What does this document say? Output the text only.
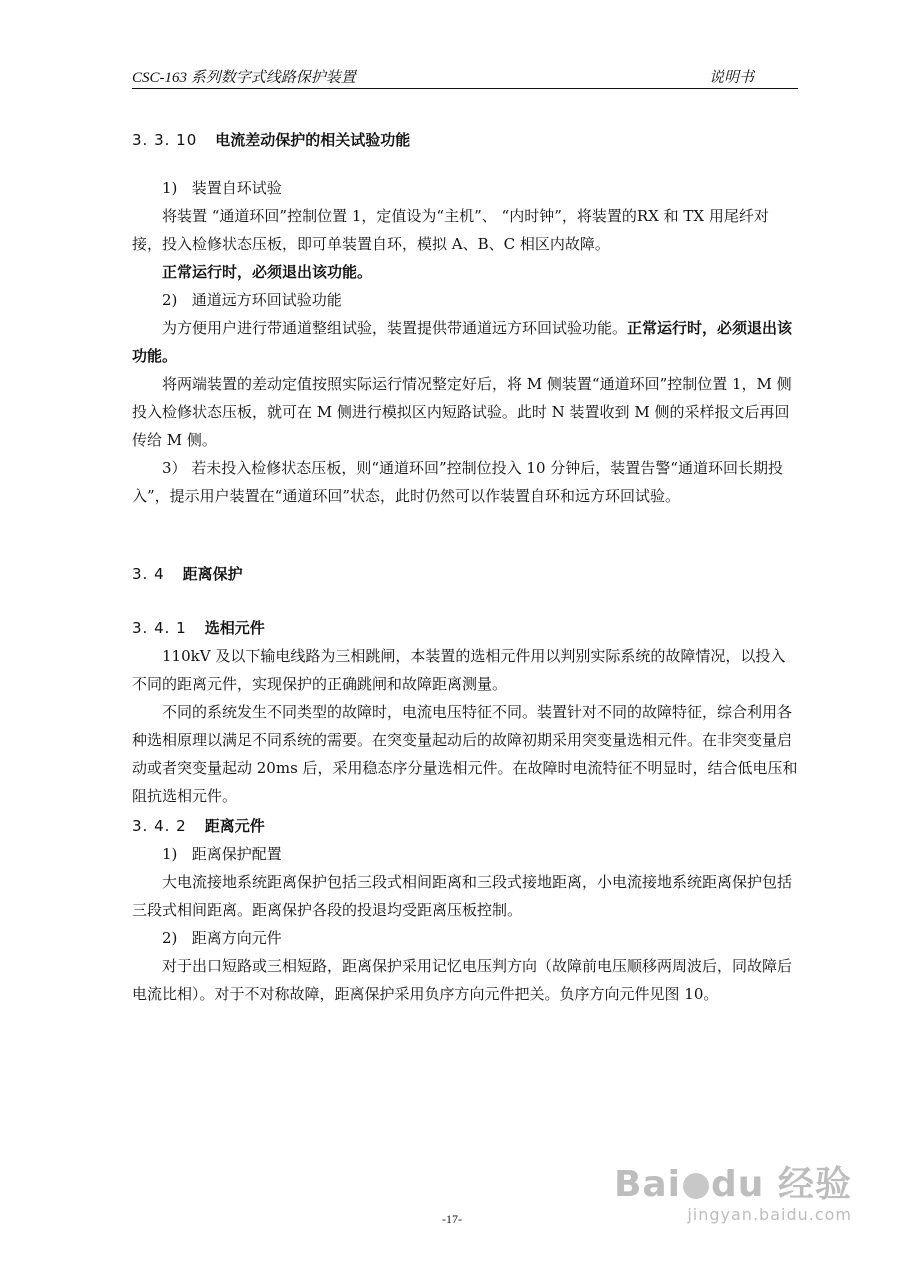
CSC-163 系列数字式线路保护装置	说明书
3. 3. 10 电流差动保护的相关试验功能

1)   装置自环试验

将装置 “通道环回”控制位置 1，定值设为“主机”、 “内时钟”，将装置的RX 和 TX 用尾纤对接，投入检修状态压板，即可单装置自环，模拟 A、B、C 相区内故障。

正常运行时，必须退出该功能。

2)   通道远方环回试验功能

为方便用户进行带通道整组试验，装置提供带通道远方环回试验功能。正常运行时，必须退出该功能。

将两端装置的差动定值按照实际运行情况整定好后，将 M 侧装置“通道环回”控制位置 1，M 侧投入检修状态压板，就可在 M 侧进行模拟区内短路试验。此时 N 装置收到 M 侧的采样报文后再回传给 M 侧。

3） 若未投入检修状态压板，则“通道环回”控制位投入 10 分钟后，装置告警“通道环回长期投入”，提示用户装置在“通道环回”状态，此时仍然可以作装置自环和远方环回试验。

3. 4 距离保护
3. 4. 1 选相元件

110kV 及以下输电线路为三相跳闸，本装置的选相元件用以判别实际系统的故障情况，以投入不同的距离元件，实现保护的正确跳闸和故障距离测量。

不同的系统发生不同类型的故障时，电流电压特征不同。装置针对不同的故障特征，综合利用各种选相原理以满足不同系统的需要。在突变量起动后的故障初期采用突变量选相元件。在非突变量启动或者突变量起动 20ms 后，采用稳态序分量选相元件。在故障时电流特征不明显时，结合低电压和阻抗选相元件。

3. 4. 2 距离元件

1)   距离保护配置

大电流接地系统距离保护包括三段式相间距离和三段式接地距离，小电流接地系统距离保护包括三段式相间距离。距离保护各段的投退均受距离压板控制。

2)   距离方向元件

对于出口短路或三相短路，距离保护采用记忆电压判方向（故障前电压顺移两周波后，同故障后电流比相）。对于不对称故障，距离保护采用负序方向元件把关。负序方向元件见图 10。

-17-
Bai du 经验
jingyan.baidu.com
